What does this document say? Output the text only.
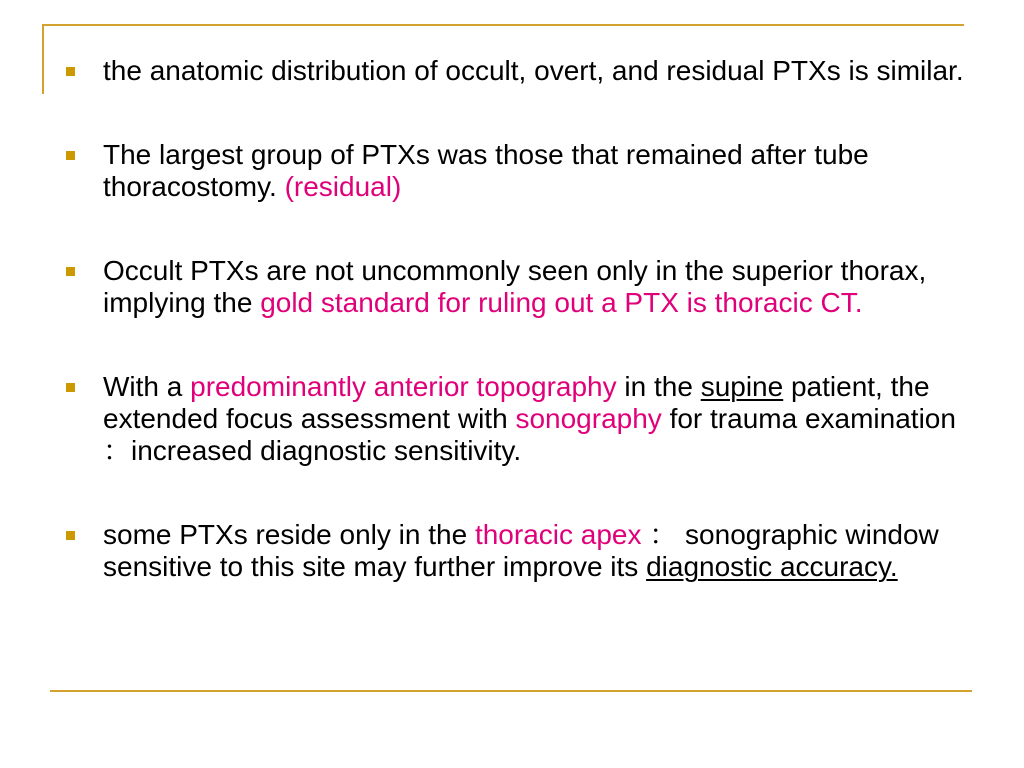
the anatomic distribution of occult, overt, and residual PTXs is similar.
The largest group of PTXs was those that remained after tube thoracostomy. (residual)
Occult PTXs are not uncommonly seen only in the superior thorax, implying the gold standard for ruling out a PTX is thoracic CT.
With a predominantly anterior topography in the supine patient, the extended focus assessment with sonography for trauma examination ：increased diagnostic sensitivity.
some PTXs reside only in the thoracic apex ： sonographic window sensitive to this site may further improve its diagnostic accuracy.
